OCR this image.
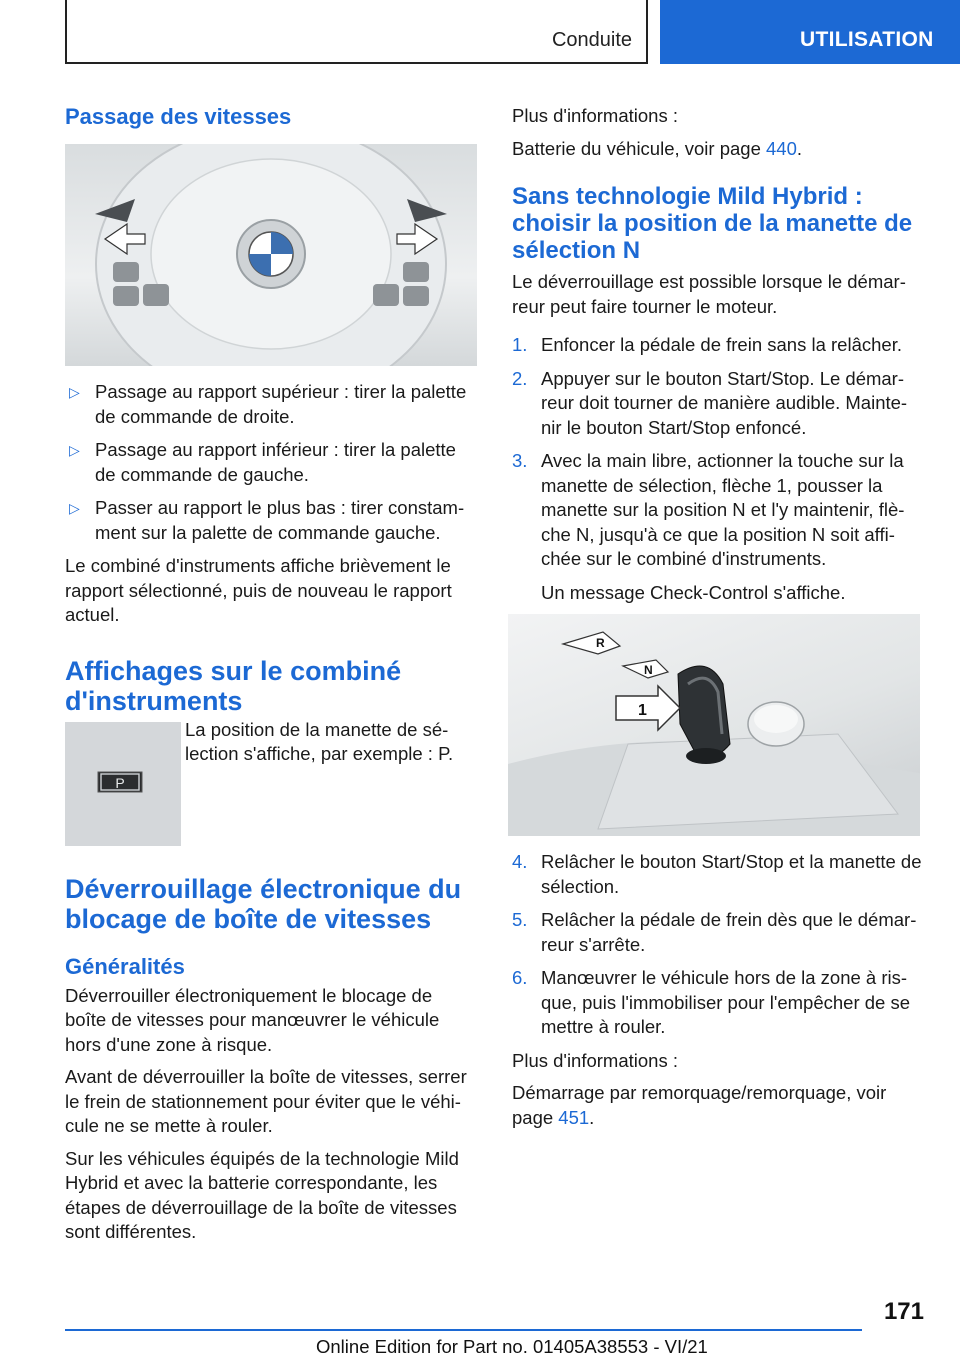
Conduite	UTILISATION
Passage des vitesses
▷ Passage au rapport supérieur : tirer la palette de commande de droite.
▷ Passage au rapport inférieur : tirer la palette de commande de gauche.
▷ Passer au rapport le plus bas : tirer constam-ment sur la palette de commande gauche.

Le combiné d'instruments affiche brièvement le rapport sélectionné, puis de nouveau le rapport actuel.

Affichages sur le combiné d'instruments
P

La position de la manette de sé-lection s'affiche, par exemple : P.

Déverrouillage électronique du blocage de boîte de vitesses
Généralités

Déverrouiller électroniquement le blocage de boîte de vitesses pour manœuvrer le véhicule hors d'une zone à risque.

Avant de déverrouiller la boîte de vitesses, serrer le frein de stationnement pour éviter que le véhi-cule ne se mette à rouler.

Sur les véhicules équipés de la technologie Mild Hybrid et avec la batterie correspondante, les étapes de déverrouillage de la boîte de vitesses sont différentes.

Plus d'informations :

Batterie du véhicule, voir page 440.

Sans technologie Mild Hybrid : choisir la position de la manette de sélection N

Le déverrouillage est possible lorsque le démar-reur peut faire tourner le moteur.

1. Enfoncer la pédale de frein sans la relâcher.
2. Appuyer sur le bouton Start/Stop. Le démar-reur doit tourner de manière audible. Mainte-nir le bouton Start/Stop enfoncé.
3. Avec la main libre, actionner la touche sur la manette de sélection, flèche 1, pousser la manette sur la position N et l'y maintenir, flè-che N, jusqu'à ce que la position N soit affi-chée sur le combiné d'instruments.
Un message Check-Control s'affiche.
R
N
1
4. Relâcher le bouton Start/Stop et la manette de sélection.
5. Relâcher la pédale de frein dès que le démar-reur s'arrête.
6. Manœuvrer le véhicule hors de la zone à ris-que, puis l'immobiliser pour l'empêcher de se mettre à rouler.

Plus d'informations :

Démarrage par remorquage/remorquage, voir page 451.

171
Online Edition for Part no. 01405A38553 - VI/21
